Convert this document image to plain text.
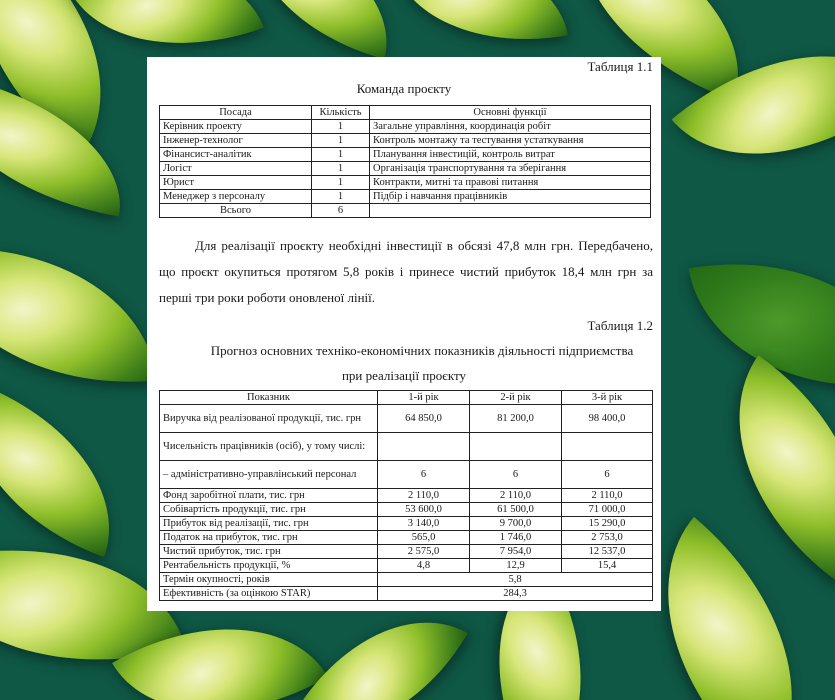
Таблиця 1.1
Команда проєкту
Посада	Кількість	Основні функції
Керівник проекту	1	Загальне управління, координація робіт
Інженер-технолог	1	Контроль монтажу та тестування устаткування
Фінансист-аналітик	1	Планування інвестицій, контроль витрат
Логіст	1	Організація транспортування та зберігання
Юрист	1	Контракти, митні та правові питання
Менеджер з персоналу	1	Підбір і навчання працівників
Всього	6	

Для реалізації проєкту необхідні інвестиції в обсязі 47,8 млн грн. Передбачено, що проєкт окупиться протягом 5,8 років і принесе чистий прибуток 18,4 млн грн за перші три роки роботи оновленої лінії.

Таблиця 1.2
Прогноз основних техніко-економічних показників діяльності підприємства
при реалізації проєкту
Показник	1-й рік	2-й рік	3-й рік
Виручка від реалізованої продукції, тис. грн	64 850,0	81 200,0	98 400,0
Чисельність працівників (осіб), у тому числі:			
– адміністративно-управлінський персонал	6	6	6
Фонд заробітної плати, тис. грн	2 110,0	2 110,0	2 110,0
Собівартість продукції, тис. грн	53 600,0	61 500,0	71 000,0
Прибуток від реалізації, тис. грн	3 140,0	9 700,0	15 290,0
Податок на прибуток, тис. грн	565,0	1 746,0	2 753,0
Чистий прибуток, тис. грн	2 575,0	7 954,0	12 537,0
Рентабельність продукції, %	4,8	12,9	15,4
Термін окупності, років	5,8		
Ефективність (за оцінкою STAR)	284,3		
